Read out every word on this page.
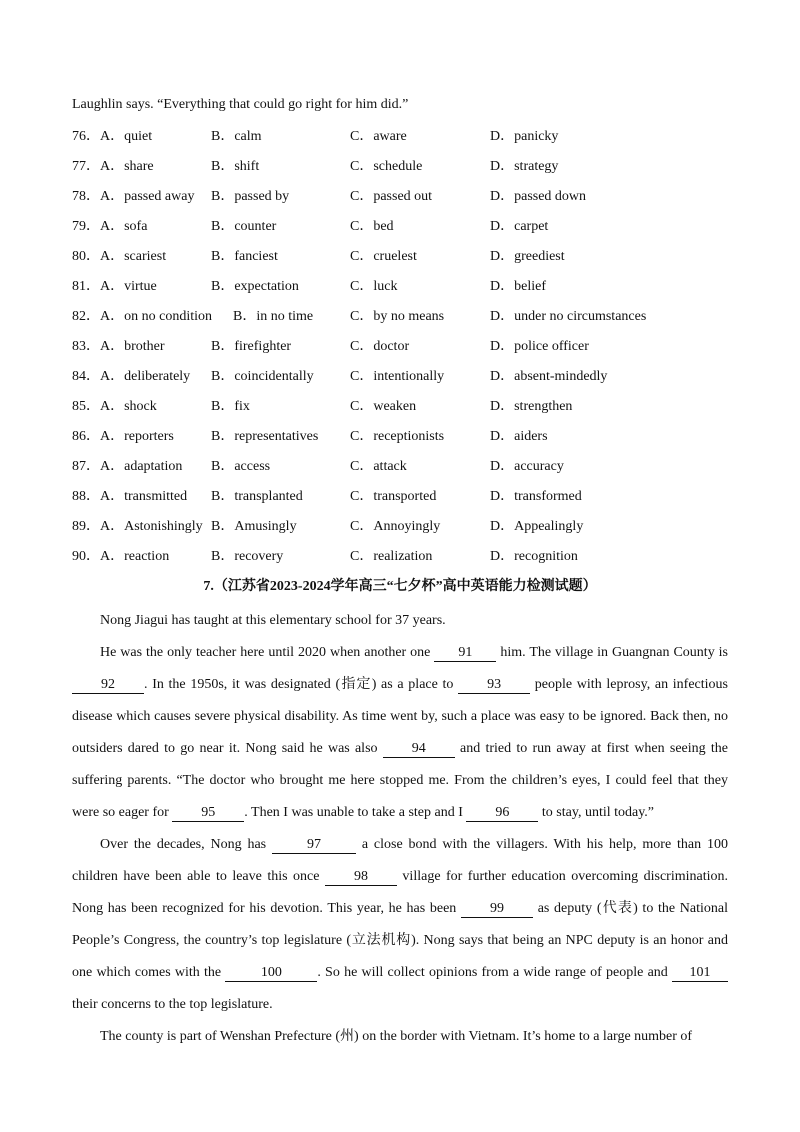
Laughlin says. “Everything that could go right for him did.”
76． A．quiet	B．calm	C．aware	D．panicky
77． A．share	B．shift	C．schedule	D．strategy
78． A．passed away B．passed by	C．passed out	D．passed down
79． A．sofa	B．counter	C．bed	D．carpet
80． A．scariest	B．fanciest	C．cruelest	D．greediest
81． A．virtue	B．expectation	C．luck	D．belief
82． A．on no condition B．in no time	C．by no means	D．under no circumstances
83． A．brother	B．firefighter	C．doctor	D．police officer
84． A．deliberately B．coincidentally	C．intentionally	D．absent-mindedly
85． A．shock	B．fix	C．weaken	D．strengthen
86． A．reporters	B．representatives C．receptionists	D．aiders
87． A．adaptation B．access	C．attack	D．accuracy
88． A．transmitted B．transplanted	C．transported	D．transformed
89． A．Astonishingly B．Amusingly	C．Annoyingly	D．Appealingly
90． A．reaction	B．recovery	C．realization	D．recognition
7.（江苏省2023-2024学年高三“七夕杯”高中英语能力检测试题）

Nong Jiagui has taught at this elementary school for 37 years.

He was the only teacher here until 2020 when another one 91 him. The village in Guangnan County is 92 . In the 1950s, it was designated (指定) as a place to 93 people with leprosy, an infectious disease which causes severe physical disability. As time went by, such a place was easy to be ignored. Back then, no outsiders dared to go near it. Nong said he was also 94 and tried to run away at first when seeing the suffering parents. “The doctor who brought me here stopped me. From the children’s eyes, I could feel that they were so eager for 95 . Then I was unable to take a step and I 96 to stay, until today.”

Over the decades, Nong has	97	a close bond with the villagers. With his help, more than 100 children have been able to leave this once 98 village for further education overcoming discrimination. Nong has been recognized for his devotion. This year, he has been 99 as deputy (代表) to the National People’s Congress, the country’s top legislature (立法机构). Nong says that being an NPC deputy is an honor and one which comes with the	100	. So he will collect opinions from a wide range of people and 101 their concerns to the top legislature.

The county is part of Wenshan Prefecture (州) on the border with Vietnam. It’s home to a large number of
